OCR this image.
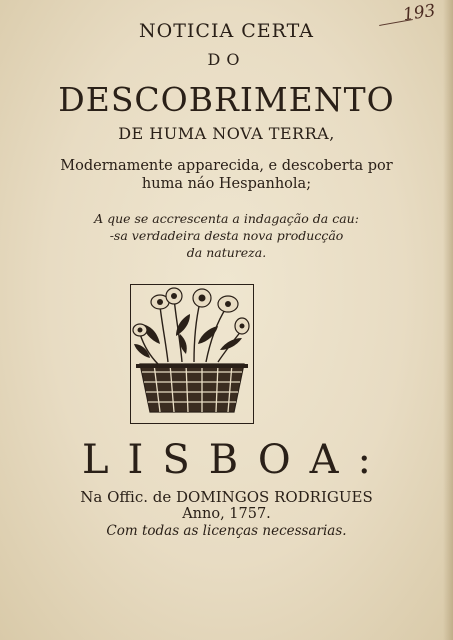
193
NOTICIA CERTA
DO
DESCOBRIMENTO
DE HUMA NOVA TERRA,
Modernamente apparecida, e descoberta por
huma náo Hespanhola;
A que se accrescenta a indagação da cau:
-sa verdadeira desta nova producção
da natureza.
LISBOA:
Na Offic. de DOMINGOS RODRIGUES
Anno, 1757.
Com todas as licenças necessarias.
